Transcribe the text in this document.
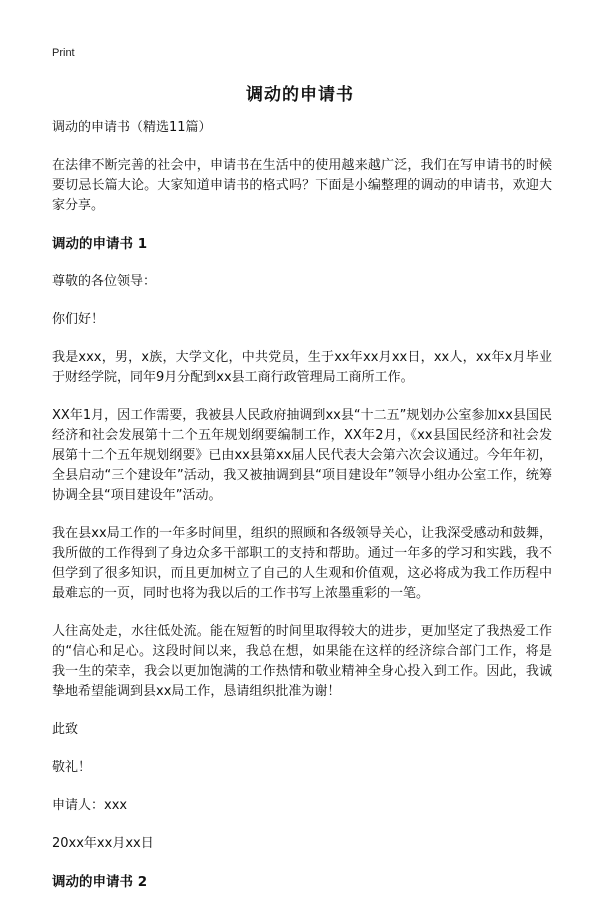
Print
调动的申请书

调动的申请书（精选11篇）

在法律不断完善的社会中，申请书在生活中的使用越来越广泛，我们在写申请书的时候要切忌长篇大论。大家知道申请书的格式吗？下面是小编整理的调动的申请书，欢迎大家分享。

调动的申请书 1

尊敬的各位领导：

你们好！

我是xxx，男，x族，大学文化，中共党员，生于xx年xx月xx日，xx人，xx年x月毕业于财经学院，同年9月分配到xx县工商行政管理局工商所工作。

XX年1月，因工作需要，我被县人民政府抽调到xx县“十二五”规划办公室参加xx县国民经济和社会发展第十二个五年规划纲要编制工作，XX年2月，《xx县国民经济和社会发展第十二个五年规划纲要》已由xx县第xx届人民代表大会第六次会议通过。今年年初，全县启动“三个建设年”活动，我又被抽调到县“项目建设年”领导小组办公室工作，统筹协调全县“项目建设年”活动。

我在县xx局工作的一年多时间里，组织的照顾和各级领导关心，让我深受感动和鼓舞，我所做的工作得到了身边众多干部职工的支持和帮助。通过一年多的学习和实践，我不但学到了很多知识，而且更加树立了自己的人生观和价值观，这必将成为我工作历程中最难忘的一页，同时也将为我以后的工作书写上浓墨重彩的一笔。

人往高处走，水往低处流。能在短暂的时间里取得较大的进步，更加坚定了我热爱工作的“信心和足心。这段时间以来，我总在想，如果能在这样的经济综合部门工作，将是我一生的荣幸，我会以更加饱满的工作热情和敬业精神全身心投入到工作。因此，我诚挚地希望能调到县xx局工作，恳请组织批准为谢！

此致

敬礼！

申请人：xxx

20xx年xx月xx日

调动的申请书 2
